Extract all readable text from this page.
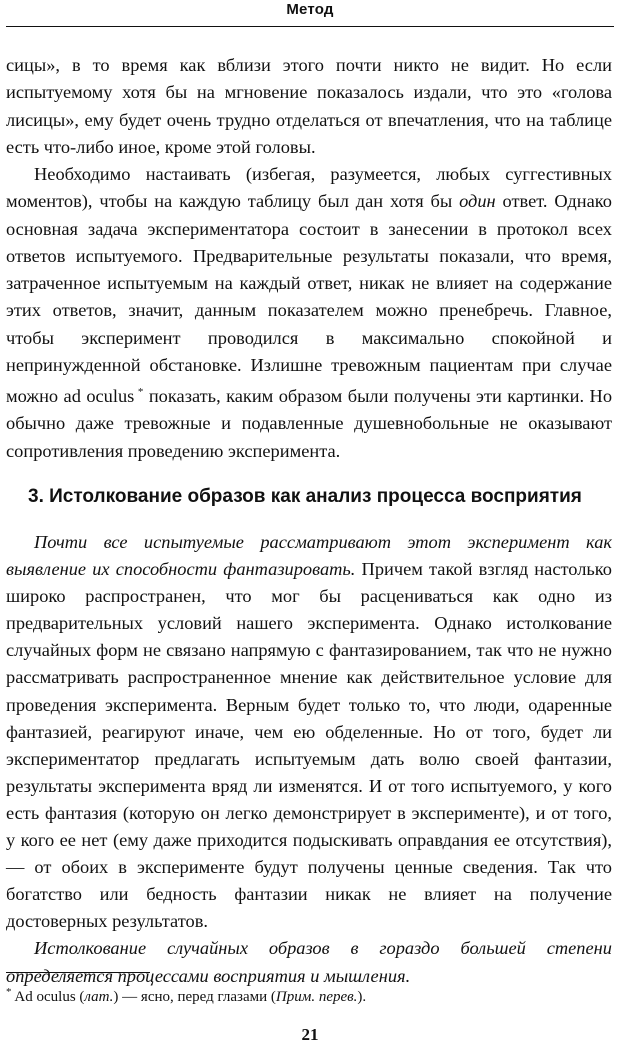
Метод

сицы», в то время как вблизи этого почти никто не видит. Но если испытуемому хотя бы на мгновение показалось издали, что это «голова лисицы», ему будет очень трудно отделаться от впечатления, что на таблице есть что-либо иное, кроме этой головы.

Необходимо настаивать (избегая, разумеется, любых суггестивных моментов), чтобы на каждую таблицу был дан хотя бы один ответ. Однако основная задача экспериментатора состоит в занесении в протокол всех ответов испытуемого. Предварительные результаты показали, что время, затраченное испытуемым на каждый ответ, никак не влияет на содержание этих ответов, значит, данным показателем можно пренебречь. Главное, чтобы эксперимент проводился в максимально спокойной и непринужденной обстановке. Излишне тревожным пациентам при случае можно ad oculus * показать, каким образом были получены эти картинки. Но обычно даже тревожные и подавленные душевнобольные не оказывают сопротивления проведению эксперимента.

3. Истолкование образов как анализ процесса восприятия

Почти все испытуемые рассматривают этот эксперимент как выявление их способности фантазировать. Причем такой взгляд настолько широко распространен, что мог бы расцениваться как одно из предварительных условий нашего эксперимента. Однако истолкование случайных форм не связано напрямую с фантазированием, так что не нужно рассматривать распространенное мнение как действительное условие для проведения эксперимента. Верным будет только то, что люди, одаренные фантазией, реагируют иначе, чем ею обделенные. Но от того, будет ли экспериментатор предлагать испытуемым дать волю своей фантазии, результаты эксперимента вряд ли изменятся. И от того испытуемого, у кого есть фантазия (которую он легко демонстрирует в эксперименте), и от того, у кого ее нет (ему даже приходится подыскивать оправдания ее отсутствия), — от обоих в эксперименте будут получены ценные сведения. Так что богатство или бедность фантазии никак не влияет на получение достоверных результатов.

Истолкование случайных образов в гораздо большей степени определяется процессами восприятия и мышления.

* Ad oculus (лат.) — ясно, перед глазами (Прим. перев.).
21
